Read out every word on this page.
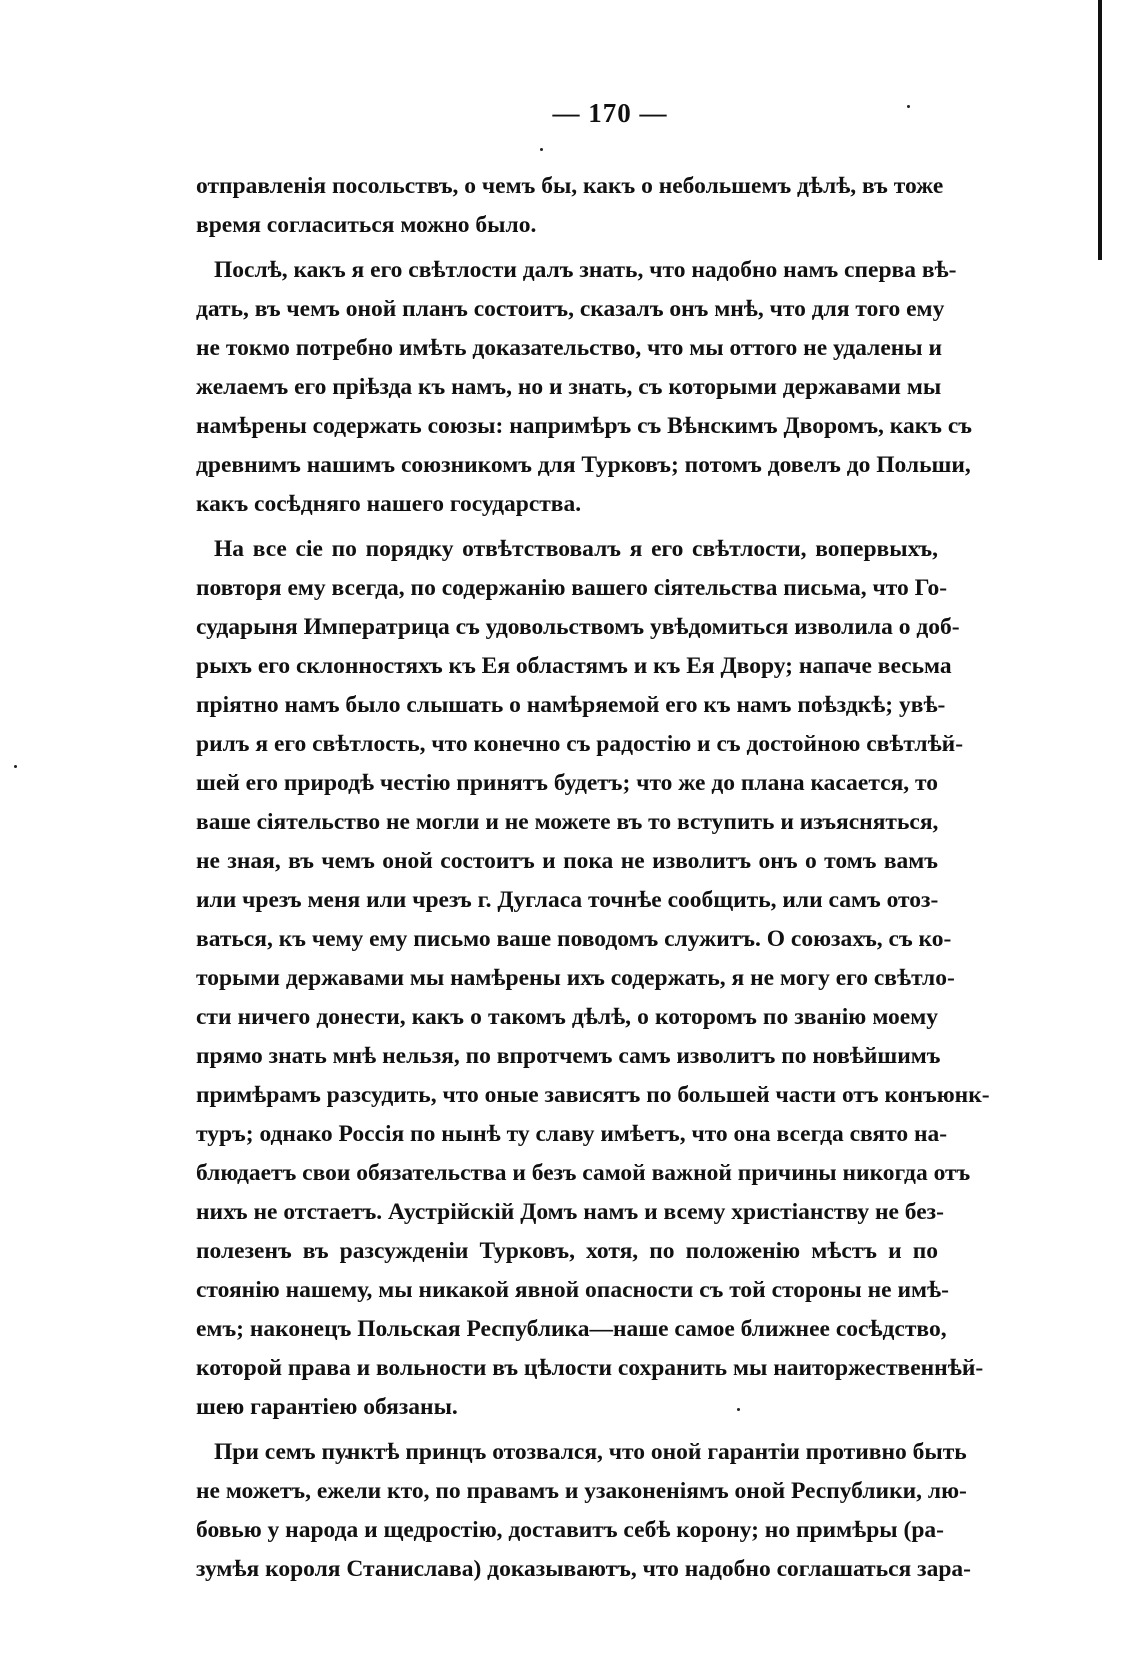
— 170 —
отправленія посольствъ, о чемъ бы, какъ о небольшемъ дѣлѣ, въ тоже
время согласиться можно было.
Послѣ, какъ я его свѣтлости далъ знать, что надобно намъ сперва вѣ-
дать, въ чемъ оной планъ состоитъ, сказалъ онъ мнѣ, что для того ему
не токмо потребно имѣть доказательство, что мы оттого не удалены и
желаемъ его пріѣзда къ намъ, но и знать, съ которыми державами мы
намѣрены содержать союзы: напримѣръ съ Вѣнскимъ Дворомъ, какъ съ
древнимъ нашимъ союзникомъ для Турковъ; потомъ довелъ до Польши,
какъ сосѣдняго нашего государства.
На все сіе по порядку отвѣтствовалъ я его свѣтлости, вопервыхъ,
повторя ему всегда, по содержанію вашего сіятельства письма, что Го-
сударыня Императрица съ удовольствомъ увѣдомиться изволила о доб-
рыхъ его склонностяхъ къ Ея областямъ и къ Ея Двору; напаче весьма
пріятно намъ было слышать о намѣряемой его къ намъ поѣздкѣ; увѣ-
рилъ я его свѣтлость, что конечно съ радостію и съ достойною свѣтлѣй-
шей его природѣ честію принятъ будетъ; что же до плана касается, то
ваше сіятельство не могли и не можете въ то вступить и изъясняться,
не зная, въ чемъ оной состоитъ и пока не изволитъ онъ о томъ вамъ
или чрезъ меня или чрезъ г. Дугласа точнѣе сообщить, или самъ отоз-
ваться, къ чему ему письмо ваше поводомъ служитъ. О союзахъ, съ ко-
торыми державами мы намѣрены ихъ содержать, я не могу его свѣтло-
сти ничего донести, какъ о такомъ дѣлѣ, о которомъ по званію моему
прямо знать мнѣ нельзя, по впротчемъ самъ изволитъ по новѣйшимъ
примѣрамъ разсудить, что оные зависятъ по большей части отъ конъюнк-
туръ; однако Россія по нынѣ ту славу имѣетъ, что она всегда свято на-
блюдаетъ свои обязательства и безъ самой важной причины никогда отъ
нихъ не отстаетъ. Аустрійскій Домъ намъ и всему христіанству не без-
полезенъ въ разсужденіи Турковъ, хотя, по положенію мѣстъ и по
стоянію нашему, мы никакой явной опасности съ той стороны не имѣ-
емъ; наконецъ Польская Республика—наше самое ближнее сосѣдство,
которой права и вольности въ цѣлости сохранить мы наиторжественнѣй-
шею гарантіею обязаны.
При семъ пунктѣ принцъ отозвался, что оной гарантіи противно быть
не можетъ, ежели кто, по правамъ и узаконеніямъ оной Республики, лю-
бовью у народа и щедростію, доставитъ себѣ корону; но примѣры (ра-
зумѣя короля Станислава) доказываютъ, что надобно соглашаться зара-
